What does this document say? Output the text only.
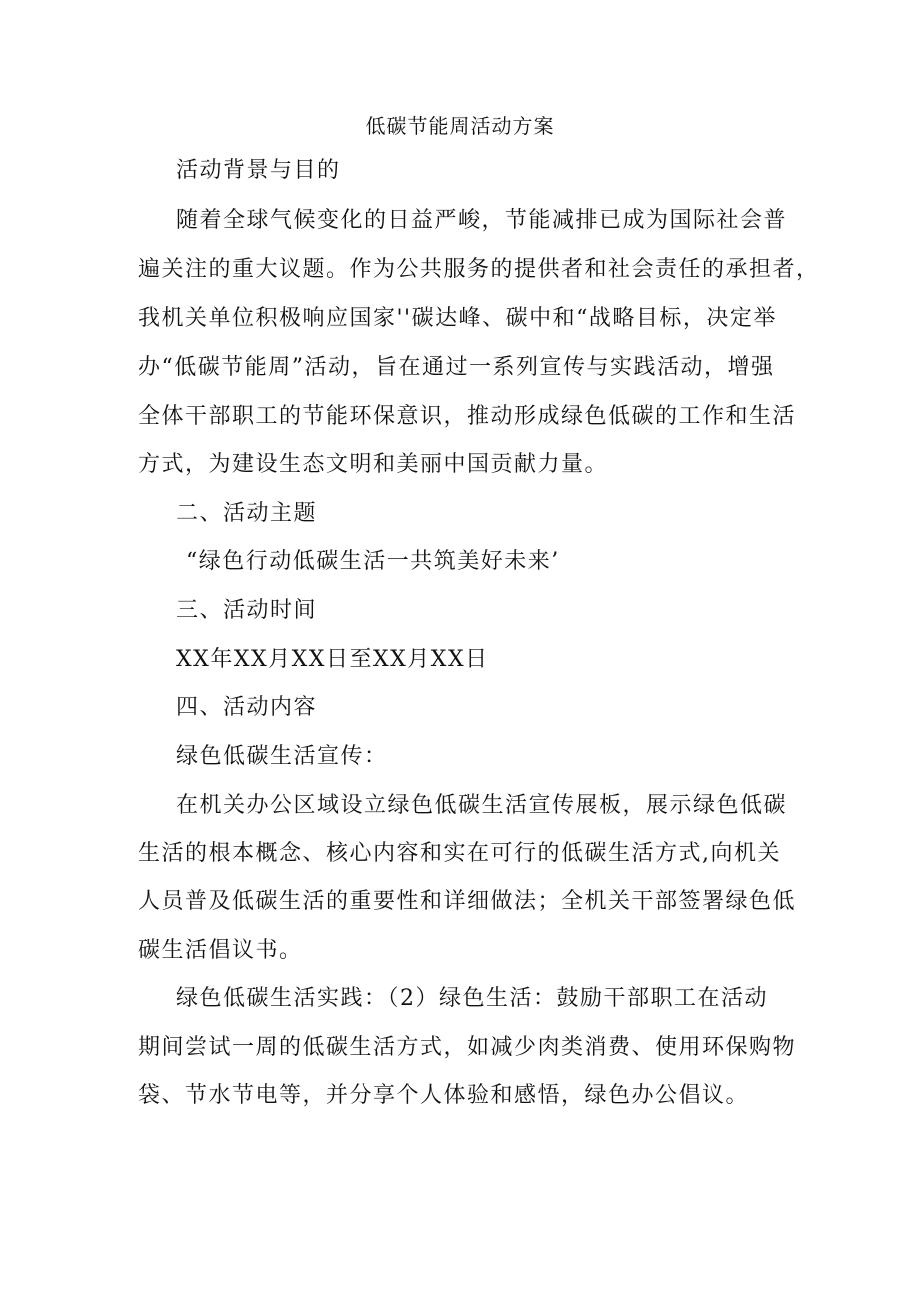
低碳节能周活动方案

活动背景与目的

随着全球气候变化的日益严峻，节能减排已成为国际社会普

遍关注的重大议题。作为公共服务的提供者和社会责任的承担者，

我机关单位积极响应国家''碳达峰、碳中和“战略目标，决定举

办“低碳节能周”活动，旨在通过一系列宣传与实践活动，增强

全体干部职工的节能环保意识，推动形成绿色低碳的工作和生活

方式，为建设生态文明和美丽中国贡献力量。

二、活动主题

“绿色行动低碳生活一共筑美好未来’

三、活动时间

XX年XX月XX日至XX月XX日

四、活动内容

绿色低碳生活宣传：

在机关办公区域设立绿色低碳生活宣传展板，展示绿色低碳

生活的根本概念、核心内容和实在可行的低碳生活方式,向机关

人员普及低碳生活的重要性和详细做法；全机关干部签署绿色低

碳生活倡议书。

绿色低碳生活实践：（2）绿色生活：鼓励干部职工在活动

期间尝试一周的低碳生活方式，如减少肉类消费、使用环保购物

袋、节水节电等，并分享个人体验和感悟，绿色办公倡议。
